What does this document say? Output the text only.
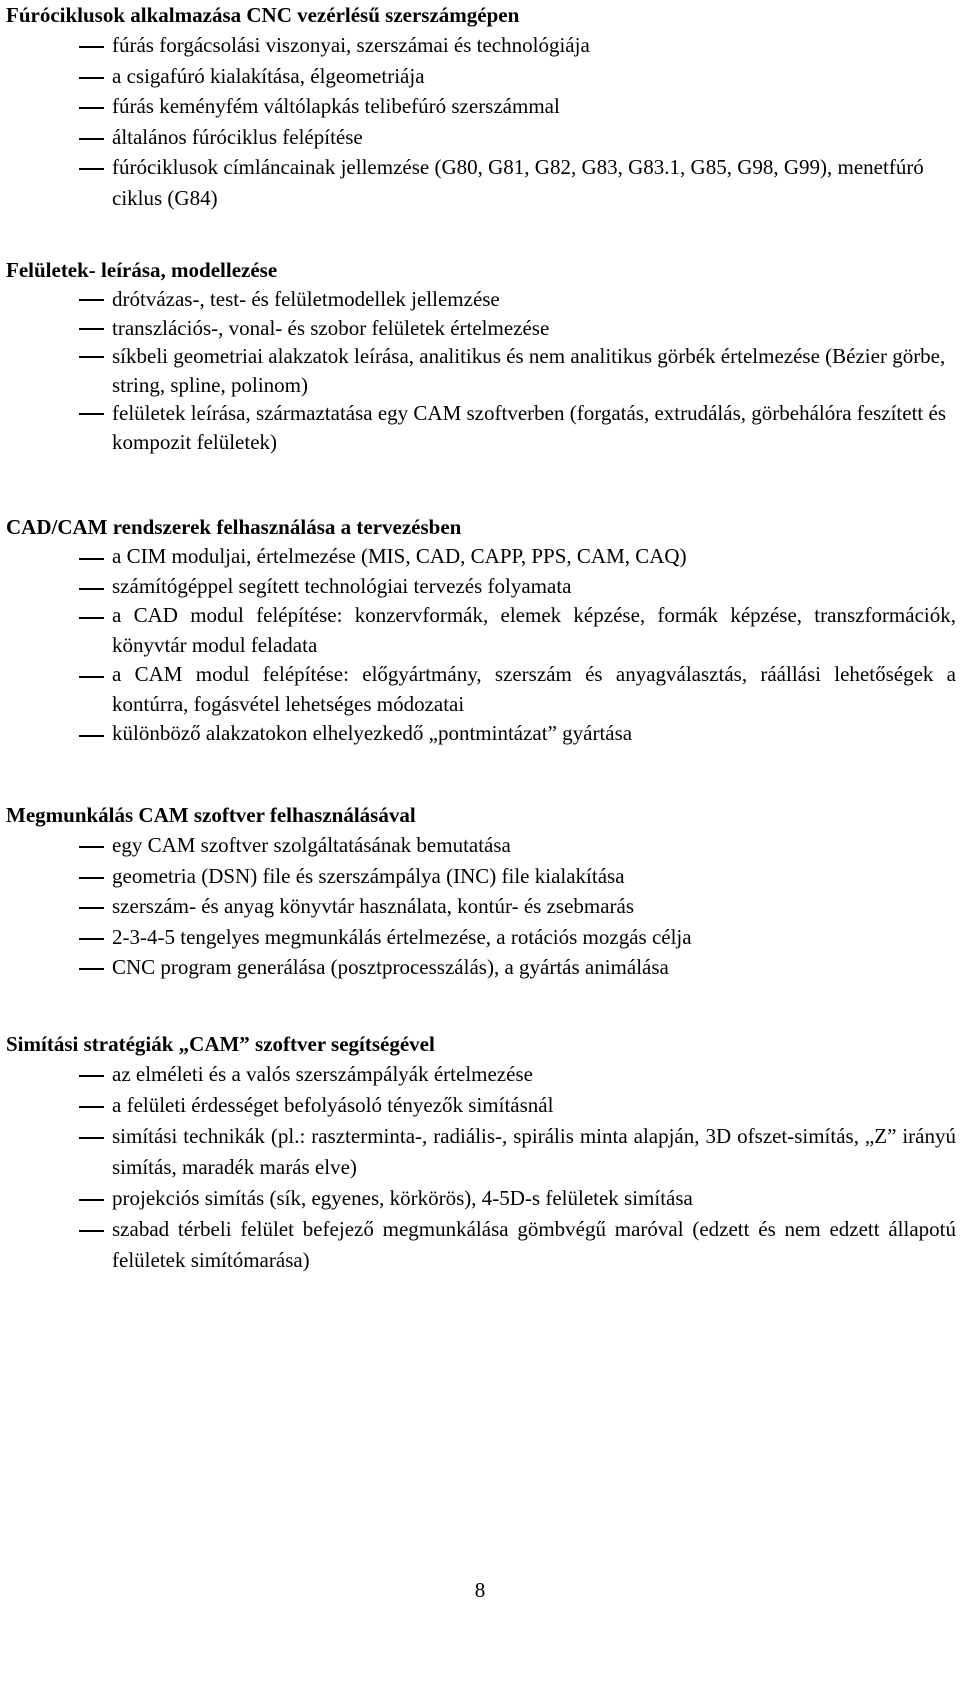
Fúróciklusok alkalmazása CNC vezérlésű szerszámgépen
fúrás forgácsolási viszonyai, szerszámai és technológiája
a csigafúró kialakítása, élgeometriája
fúrás keményfém váltólapkás telibefúró szerszámmal
általános fúróciklus felépítése
fúróciklusok címláncainak jellemzése (G80, G81, G82, G83, G83.1, G85, G98, G99), menetfúró ciklus (G84)
Felületek- leírása, modellezése
drótvázas-, test- és felületmodellek jellemzése
transzlációs-, vonal- és szobor felületek értelmezése
síkbeli geometriai alakzatok leírása, analitikus és nem analitikus görbék értelmezése (Bézier görbe, string, spline, polinom)
felületek leírása, származtatása egy CAM szoftverben (forgatás, extrudálás, görbehálóra feszített és kompozit felületek)
CAD/CAM rendszerek felhasználása a tervezésben
a CIM moduljai, értelmezése (MIS, CAD, CAPP, PPS, CAM, CAQ)
számítógéppel segített technológiai tervezés folyamata
a CAD modul felépítése: konzervformák, elemek képzése, formák képzése, transzformációk, könyvtár modul feladata
a CAM modul felépítése: előgyártmány, szerszám és anyagválasztás, ráállási lehetőségek a kontúrra, fogásvétel lehetséges módozatai
különböző alakzatokon elhelyezkedő „pontmintázat” gyártása
Megmunkálás CAM szoftver felhasználásával
egy CAM szoftver szolgáltatásának bemutatása
geometria (DSN) file és szerszámpálya (INC) file kialakítása
szerszám- és anyag könyvtár használata, kontúr- és zsebmarás
2-3-4-5 tengelyes megmunkálás értelmezése, a rotációs mozgás célja
CNC program generálása (posztprocesszálás), a gyártás animálása
Simítási stratégiák „CAM” szoftver segítségével
az elméleti és a valós szerszámpályák értelmezése
a felületi érdességet befolyásoló tényezők simításnál
simítási technikák (pl.: raszterminta-, radiális-, spirális minta alapján, 3D ofszet-simítás, „Z” irányú simítás, maradék marás elve)
projekciós simítás (sík, egyenes, körkörös), 4-5D-s felületek simítása
szabad térbeli felület befejező megmunkálása gömbvégű maróval (edzett és nem edzett állapotú felületek simítómarása)
8
